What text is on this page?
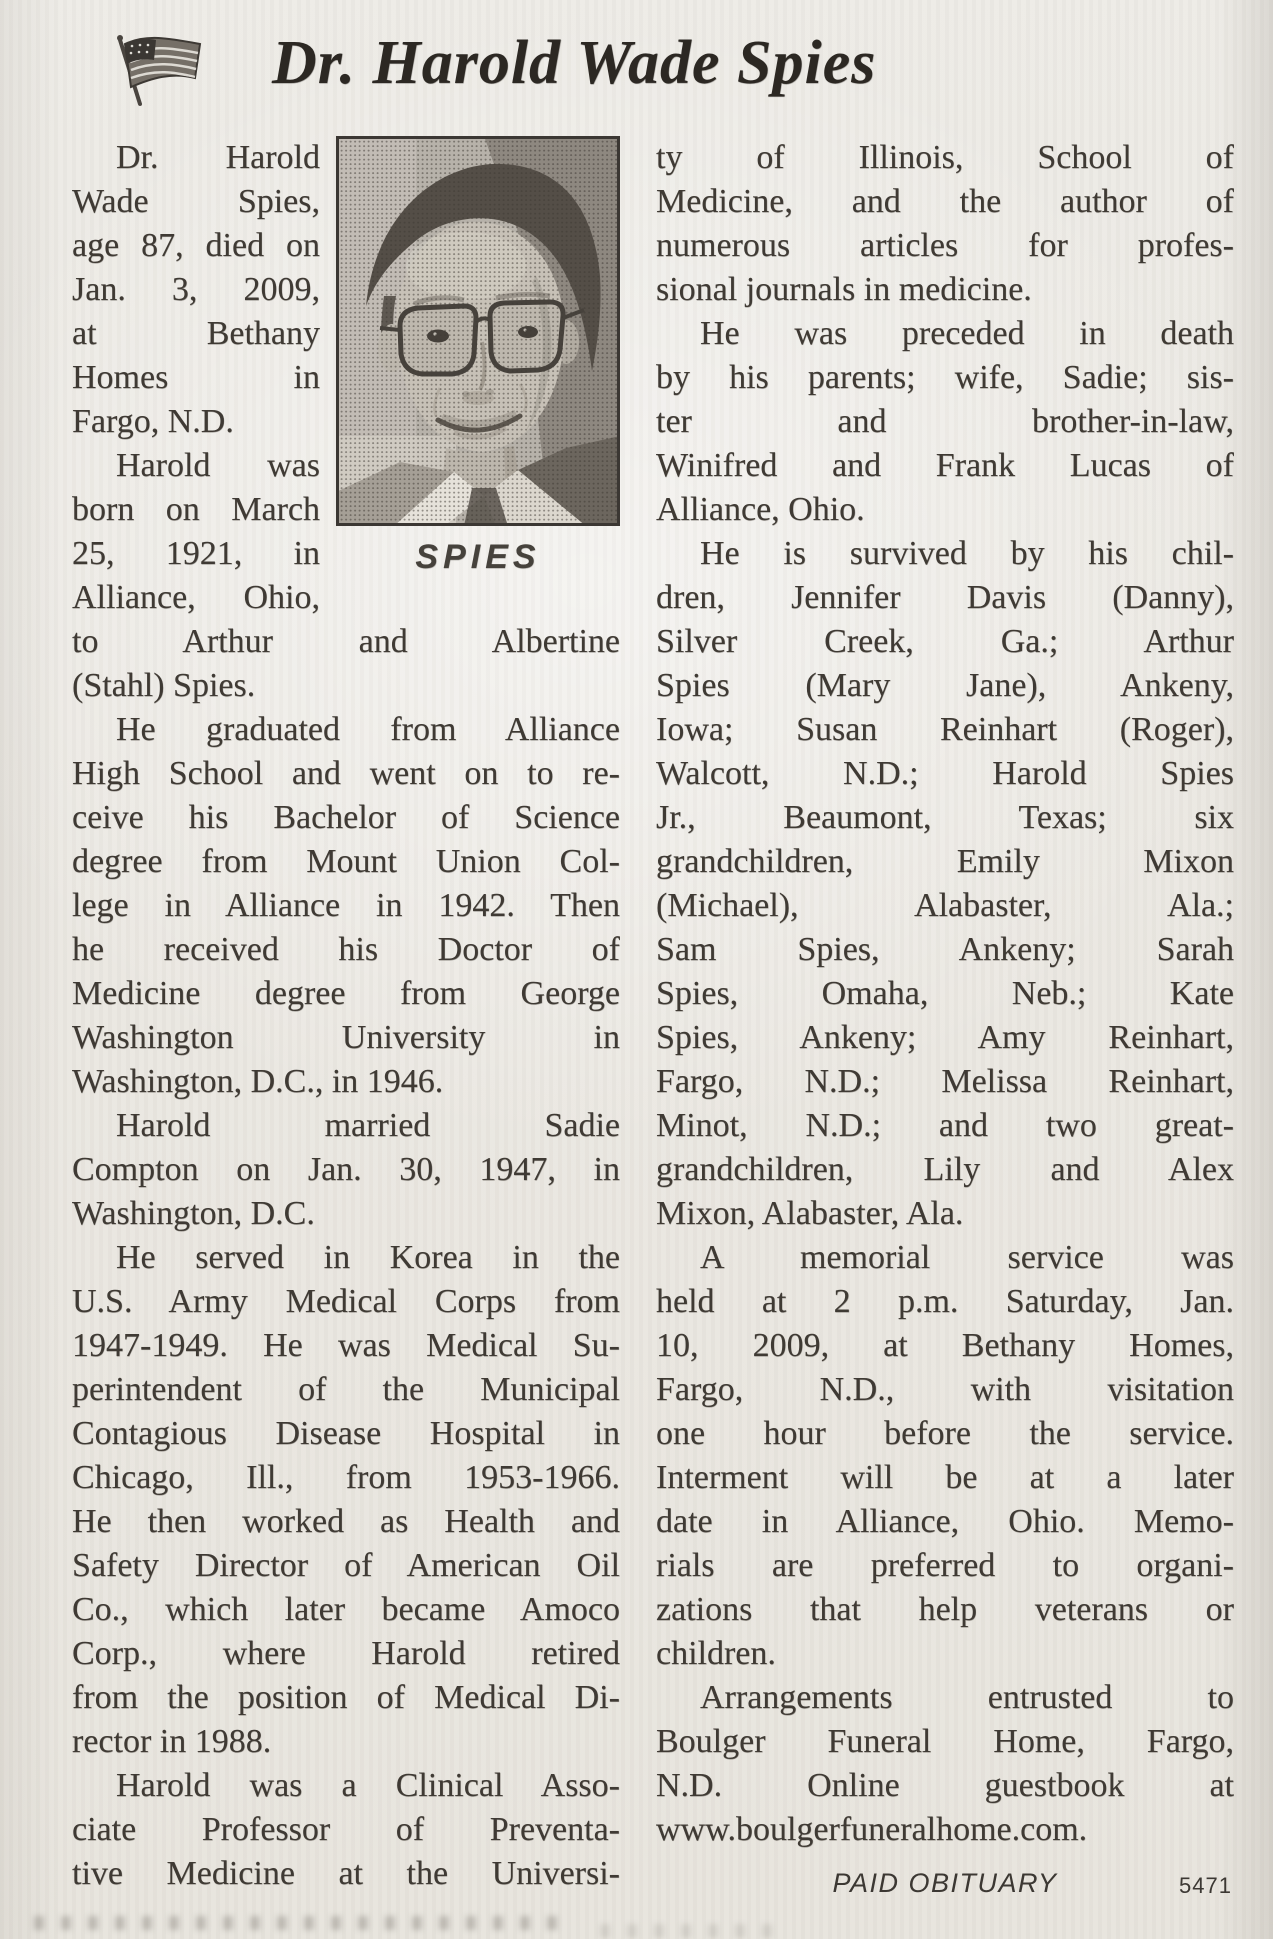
Dr. Harold Wade Spies
SPIES
Dr. Harold
Wade Spies,
age 87, died on
Jan. 3, 2009,
at Bethany
Homes in
Fargo, N.D.
Harold was
born on March
25, 1921, in
Alliance, Ohio,
to Arthur and Albertine
(Stahl) Spies.
He graduated from Alliance
High School and went on to re-
ceive his Bachelor of Science
degree from Mount Union Col-
lege in Alliance in 1942. Then
he received his Doctor of
Medicine degree from George
Washington University in
Washington, D.C., in 1946.
Harold married Sadie
Compton on Jan. 30, 1947, in
Washington, D.C.
He served in Korea in the
U.S. Army Medical Corps from
1947-1949. He was Medical Su-
perintendent of the Municipal
Contagious Disease Hospital in
Chicago, Ill., from 1953-1966.
He then worked as Health and
Safety Director of American Oil
Co., which later became Amoco
Corp., where Harold retired
from the position of Medical Di-
rector in 1988.
Harold was a Clinical Asso-
ciate Professor of Preventa-
tive Medicine at the Universi-
ty of Illinois, School of
Medicine, and the author of
numerous articles for profes-
sional journals in medicine.
He was preceded in death
by his parents; wife, Sadie; sis-
ter and brother-in-law,
Winifred and Frank Lucas of
Alliance, Ohio.
He is survived by his chil-
dren, Jennifer Davis (Danny),
Silver Creek, Ga.; Arthur
Spies (Mary Jane), Ankeny,
Iowa; Susan Reinhart (Roger),
Walcott, N.D.; Harold Spies
Jr., Beaumont, Texas; six
grandchildren, Emily Mixon
(Michael), Alabaster, Ala.;
Sam Spies, Ankeny; Sarah
Spies, Omaha, Neb.; Kate
Spies, Ankeny; Amy Reinhart,
Fargo, N.D.; Melissa Reinhart,
Minot, N.D.; and two great-
grandchildren, Lily and Alex
Mixon, Alabaster, Ala.
A memorial service was
held at 2 p.m. Saturday, Jan.
10, 2009, at Bethany Homes,
Fargo, N.D., with visitation
one hour before the service.
Interment will be at a later
date in Alliance, Ohio. Memo-
rials are preferred to organi-
zations that help veterans or
children.
Arrangements entrusted to
Boulger Funeral Home, Fargo,
N.D. Online guestbook at
www.boulgerfuneralhome.com.
PAID OBITUARY	5471
